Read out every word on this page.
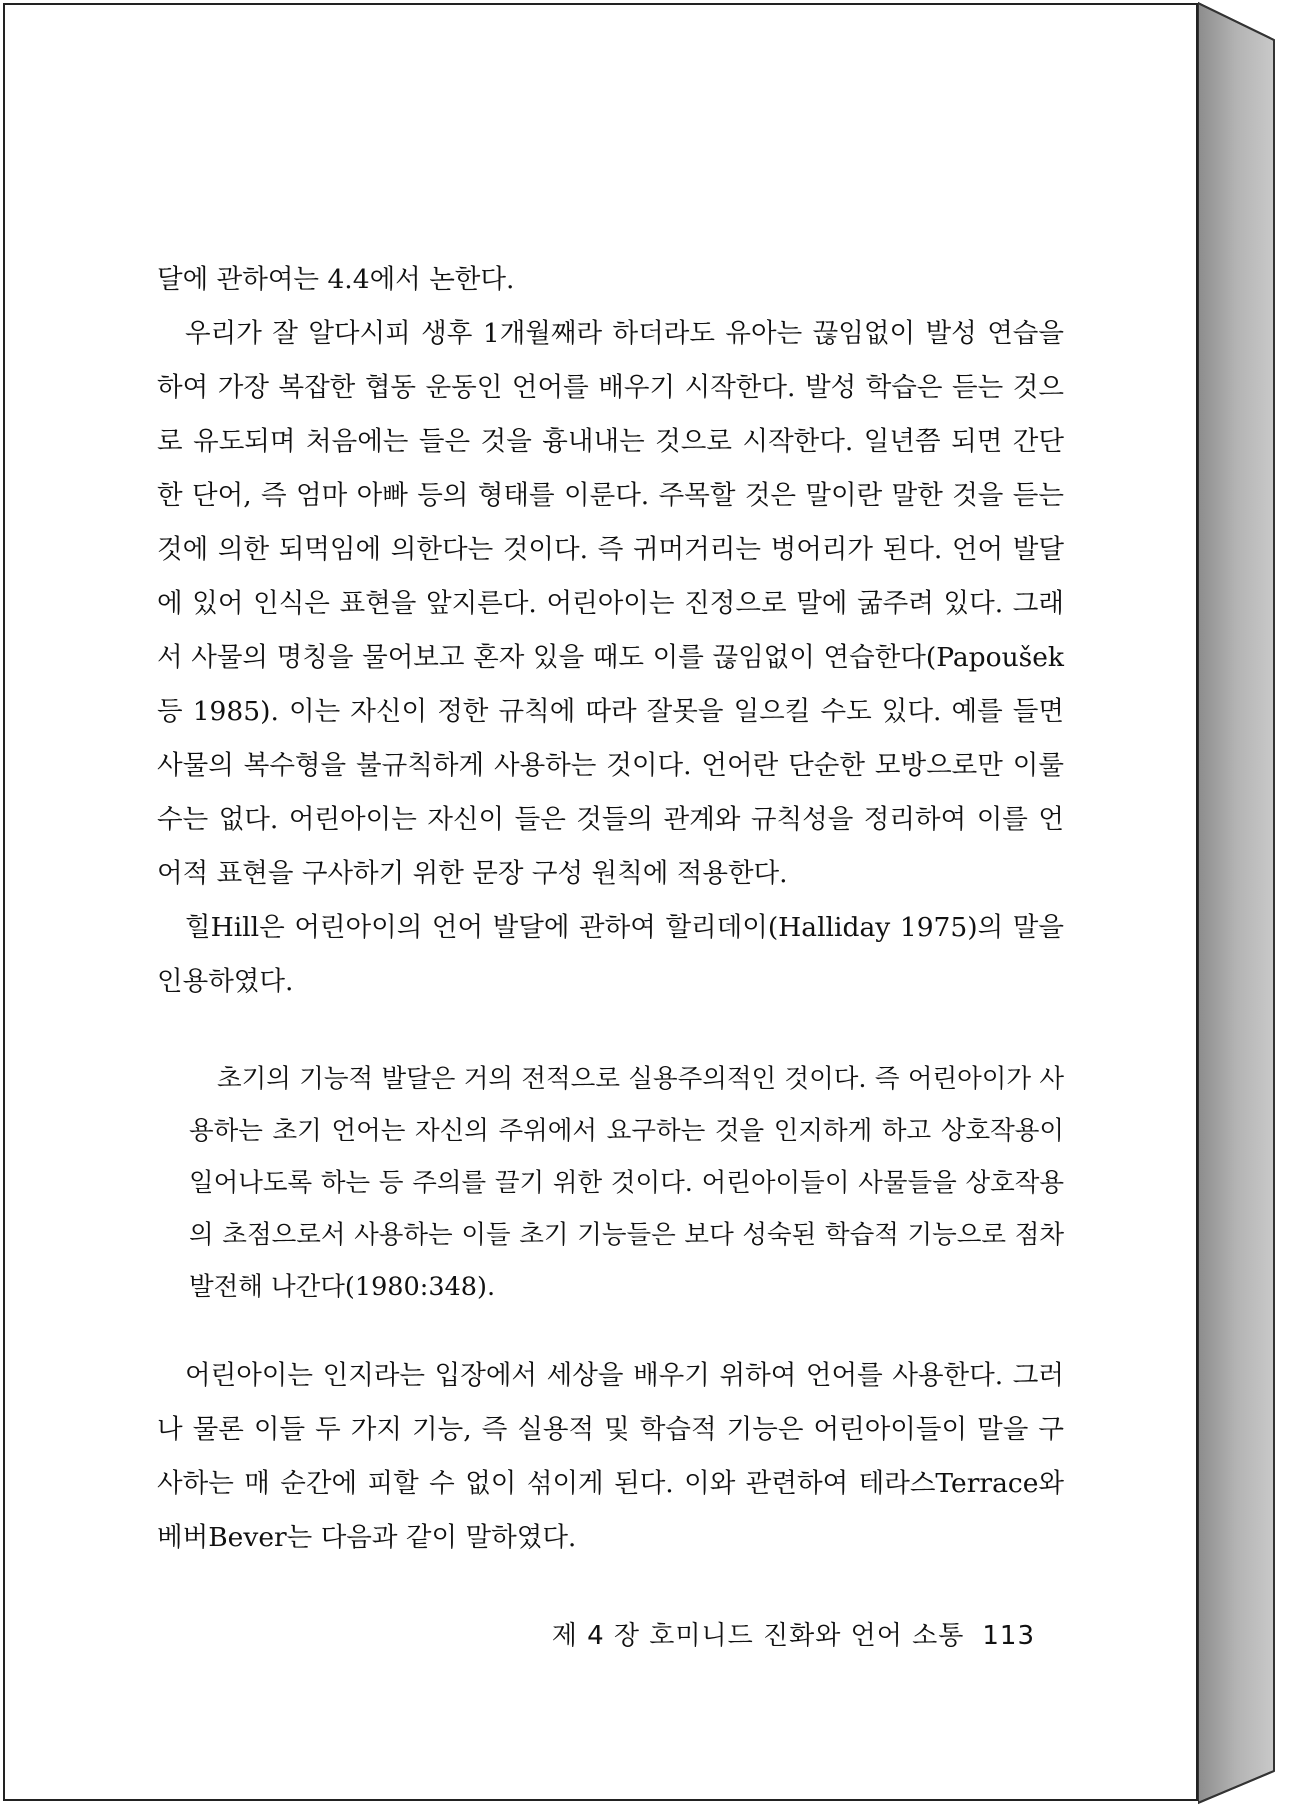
달에 관하여는 4.4에서 논한다.

우리가 잘 알다시피 생후 1개월째라 하더라도 유아는 끊임없이 발성 연습을 하여 가장 복잡한 협동 운동인 언어를 배우기 시작한다. 발성 학습은 듣는 것으로 유도되며 처음에는 들은 것을 흉내내는 것으로 시작한다. 일년쯤 되면 간단한 단어, 즉 엄마 아빠 등의 형태를 이룬다. 주목할 것은 말이란 말한 것을 듣는 것에 의한 되먹임에 의한다는 것이다. 즉 귀머거리는 벙어리가 된다. 언어 발달에 있어 인식은 표현을 앞지른다. 어린아이는 진정으로 말에 굶주려 있다. 그래서 사물의 명칭을 물어보고 혼자 있을 때도 이를 끊임없이 연습한다(Papoušek 등 1985). 이는 자신이 정한 규칙에 따라 잘못을 일으킬 수도 있다. 예를 들면 사물의 복수형을 불규칙하게 사용하는 것이다. 언어란 단순한 모방으로만 이룰 수는 없다. 어린아이는 자신이 들은 것들의 관계와 규칙성을 정리하여 이를 언어적 표현을 구사하기 위한 문장 구성 원칙에 적용한다.

힐Hill은 어린아이의 언어 발달에 관하여 할리데이(Halliday 1975)의 말을 인용하였다.

초기의 기능적 발달은 거의 전적으로 실용주의적인 것이다. 즉 어린아이가 사용하는 초기 언어는 자신의 주위에서 요구하는 것을 인지하게 하고 상호작용이 일어나도록 하는 등 주의를 끌기 위한 것이다. 어린아이들이 사물들을 상호작용의 초점으로서 사용하는 이들 초기 기능들은 보다 성숙된 학습적 기능으로 점차 발전해 나간다(1980:348).

어린아이는 인지라는 입장에서 세상을 배우기 위하여 언어를 사용한다. 그러나 물론 이들 두 가지 기능, 즉 실용적 및 학습적 기능은 어린아이들이 말을 구사하는 매 순간에 피할 수 없이 섞이게 된다. 이와 관련하여 테라스Terrace와 베버Bever는 다음과 같이 말하였다.

제 4 장 호미니드 진화와 언어 소통 113
